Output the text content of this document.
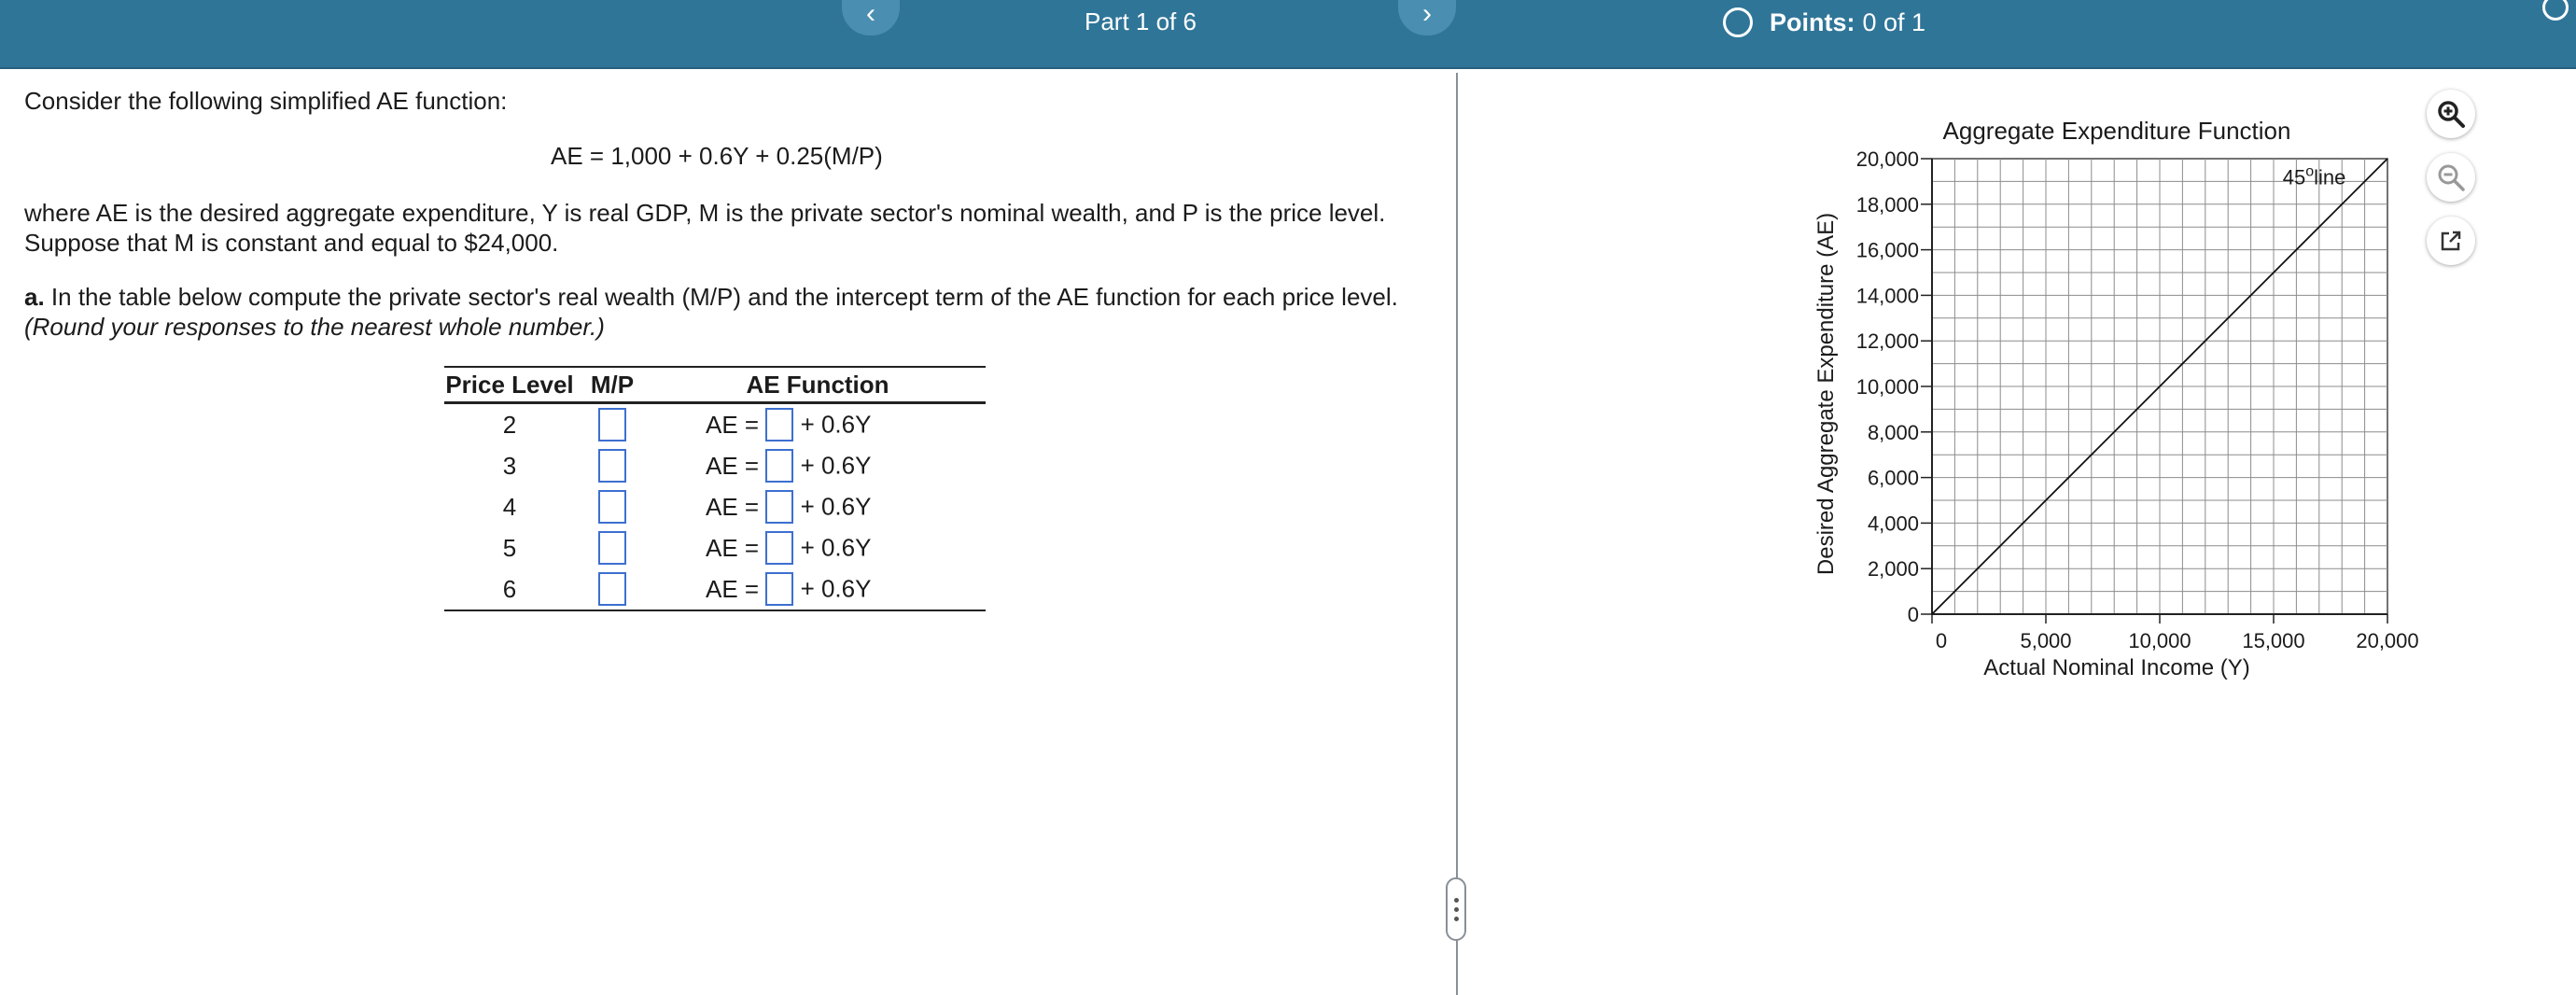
‹	›
Part 1 of 6	Points: 0 of 1
Consider the following simplified AE function:
AE = 1,000 + 0.6Y + 0.25(M/P)
where AE is the desired aggregate expenditure, Y is real GDP, M is the private sector's nominal wealth, and P is the price level. Suppose that M is constant and equal to $24,000.
a. In the table below compute the private sector's real wealth (M/P) and the intercept term of the AE function for each price level.
(Round your responses to the nearest whole number.)
Price Level	M/P	AE Function
2		AE = + 0.6Y
3		AE = + 0.6Y
4		AE = + 0.6Y
5		AE = + 0.6Y
6		AE = + 0.6Y
Aggregate Expenditure Function
Actual Nominal Income (Y)
Desired Aggregate Expenditure (AE)
0
2,000
4,000
6,000
8,000
10,000
12,000
14,000
16,000
18,000
20,000
0	5,000	10,000 15,000 20,000
45$^o$line
